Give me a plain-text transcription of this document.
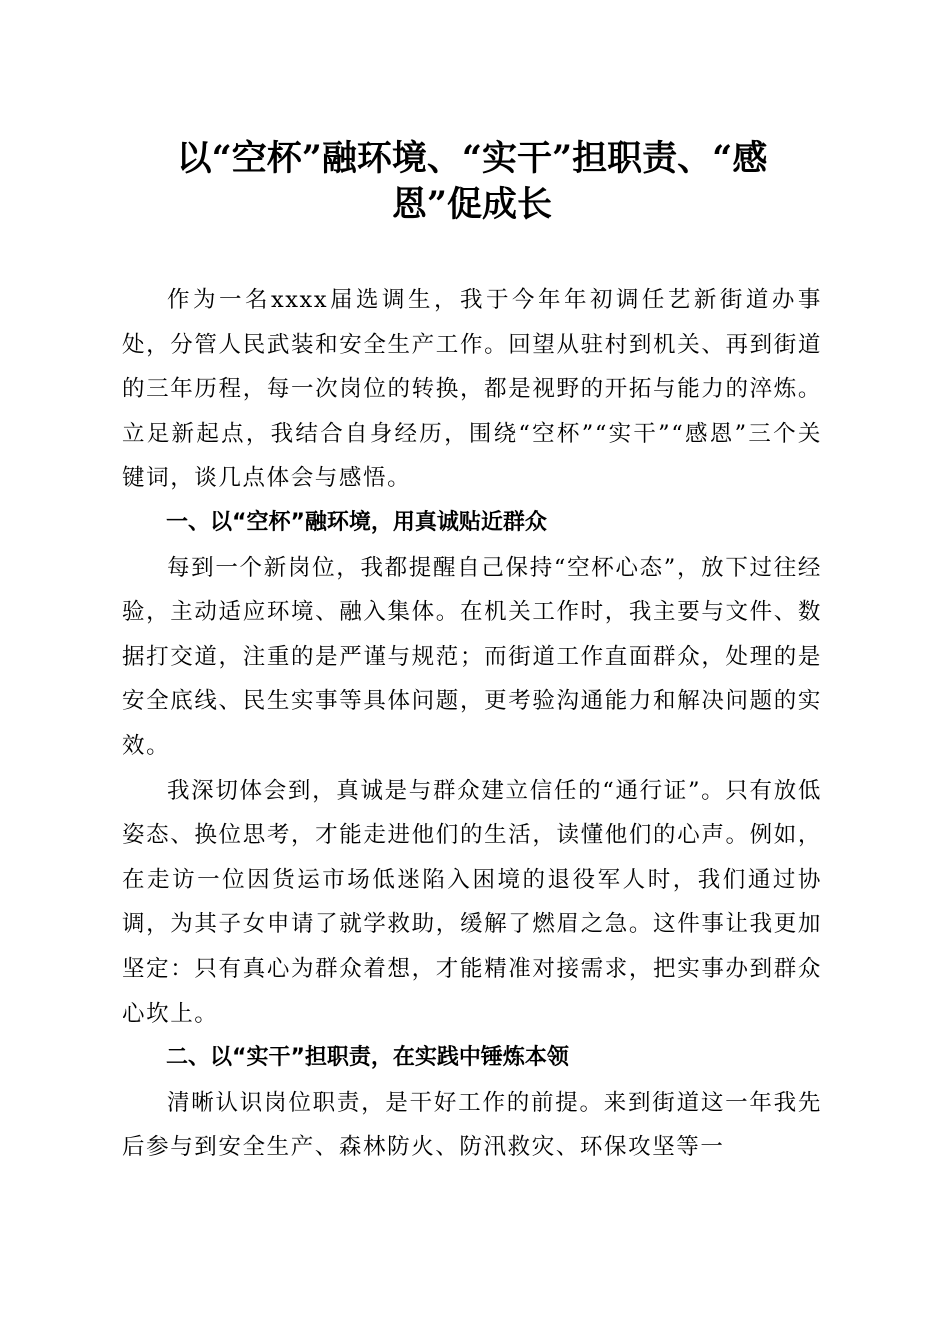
以“空杯”融环境、“实干”担职责、“感
恩”促成长

作为一名xxxx届选调生，我于今年年初调任艺新街道办事处，分管人民武装和安全生产工作。回望从驻村到机关、再到街道的三年历程，每一次岗位的转换，都是视野的开拓与能力的淬炼。立足新起点，我结合自身经历，围绕“空杯”“实干”“感恩”三个关键词，谈几点体会与感悟。

一、以“空杯”融环境，用真诚贴近群众

每到一个新岗位，我都提醒自己保持“空杯心态”，放下过往经验，主动适应环境、融入集体。在机关工作时，我主要与文件、数据打交道，注重的是严谨与规范；而街道工作直面群众，处理的是安全底线、民生实事等具体问题，更考验沟通能力和解决问题的实效。

我深切体会到，真诚是与群众建立信任的“通行证”。只有放低姿态、换位思考，才能走进他们的生活，读懂他们的心声。例如，在走访一位因货运市场低迷陷入困境的退役军人时，我们通过协调，为其子女申请了就学救助，缓解了燃眉之急。这件事让我更加坚定：只有真心为群众着想，才能精准对接需求，把实事办到群众心坎上。

二、以“实干”担职责，在实践中锤炼本领

清晰认识岗位职责，是干好工作的前提。来到街道这一年我先后参与到安全生产、森林防火、防汛救灾、环保攻坚等一
